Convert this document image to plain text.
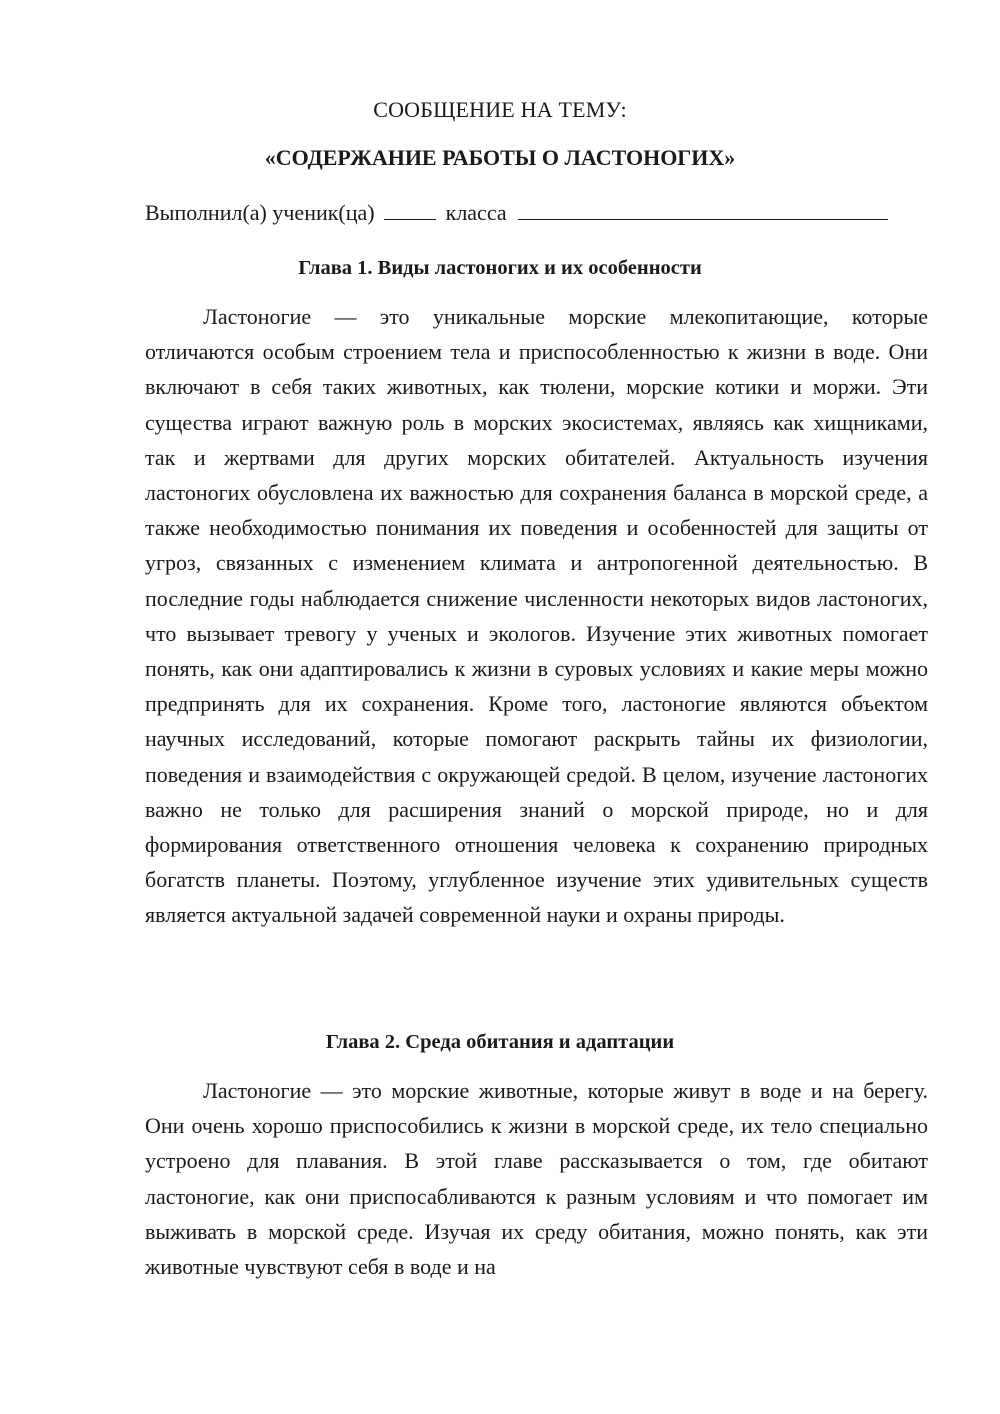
СООБЩЕНИЕ НА ТЕМУ:
«СОДЕРЖАНИЕ РАБОТЫ О ЛАСТОНОГИХ»
Выполнил(а) ученик(ца)	класса
Глава 1. Виды ластоногих и их особенности
Ластоногие — это уникальные морские млекопитающие, которые отличаются особым строением тела и приспособленностью к жизни в воде. Они включают в себя таких животных, как тюлени, морские котики и моржи. Эти существа играют важную роль в морских экосистемах, являясь как хищниками, так и жертвами для других морских обитателей. Актуальность изучения ластоногих обусловлена их важностью для сохранения баланса в морской среде, а также необходимостью понимания их поведения и особенностей для защиты от угроз, связанных с изменением климата и антропогенной деятельностью. В последние годы наблюдается снижение численности некоторых видов ластоногих, что вызывает тревогу у ученых и экологов. Изучение этих животных помогает понять, как они адаптировались к жизни в суровых условиях и какие меры можно предпринять для их сохранения. Кроме того, ластоногие являются объектом научных исследований, которые помогают раскрыть тайны их физиологии, поведения и взаимодействия с окружающей средой. В целом, изучение ластоногих важно не только для расширения знаний о морской природе, но и для формирования ответственного отношения человека к сохранению природных богатств планеты. Поэтому, углубленное изучение этих удивительных существ является актуальной задачей современной науки и охраны природы.
Глава 2. Среда обитания и адаптации
Ластоногие — это морские животные, которые живут в воде и на берегу. Они очень хорошо приспособились к жизни в морской среде, их тело специально устроено для плавания. В этой главе рассказывается о том, где обитают ластоногие, как они приспосабливаются к разным условиям и что помогает им выживать в морской среде. Изучая их среду обитания, можно понять, как эти животные чувствуют себя в воде и на
